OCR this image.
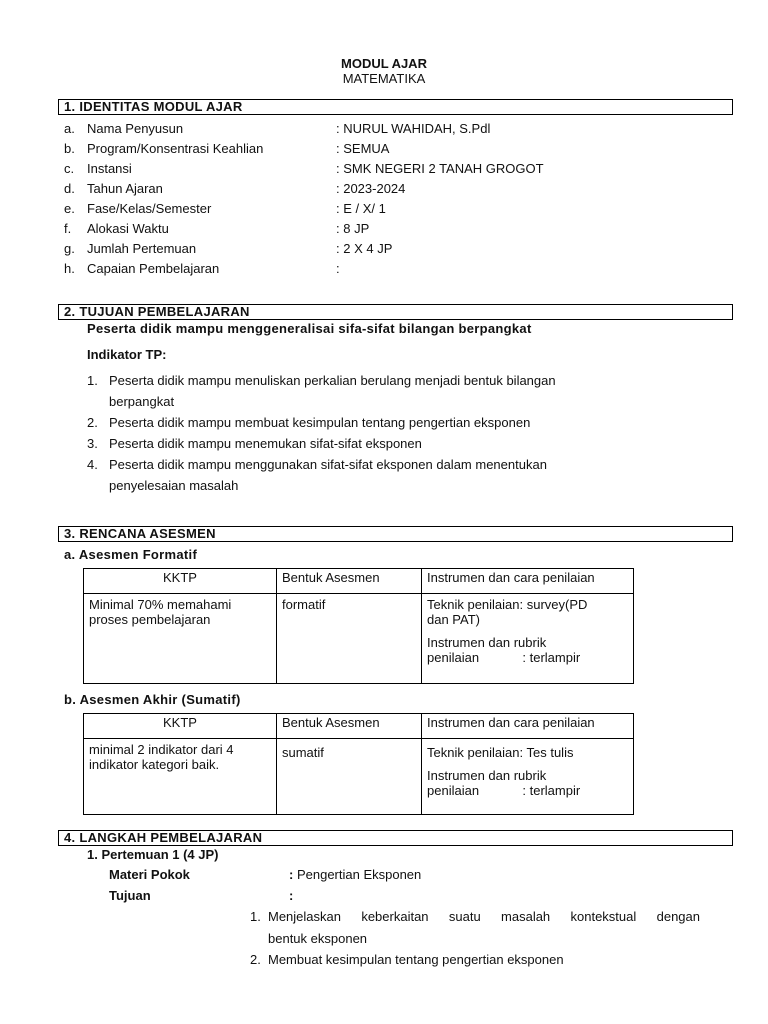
MODUL AJAR
MATEMATIKA
1. IDENTITAS MODUL AJAR
a. Nama Penyusun	: NURUL WAHIDAH, S.Pdl
b. Program/Konsentrasi Keahlian	: SEMUA
c. Instansi	: SMK NEGERI 2 TANAH GROGOT
d. Tahun Ajaran	: 2023-2024
e. Fase/Kelas/Semester	: E / X/ 1
f.	Alokasi Waktu	: 8 JP
g. Jumlah Pertemuan	: 2 X 4 JP
h. Capaian Pembelajaran	:
2. TUJUAN PEMBELAJARAN
Peserta didik mampu menggeneralisai sifa-sifat bilangan berpangkat
Indikator TP:
1. Peserta didik mampu menuliskan perkalian berulang menjadi bentuk bilangan
berpangkat
2. Peserta didik mampu membuat kesimpulan tentang pengertian eksponen
3. Peserta didik mampu menemukan sifat-sifat eksponen
4. Peserta didik mampu menggunakan sifat-sifat eksponen dalam menentukan
penyelesaian masalah
3. RENCANA ASESMEN
a. Asesmen Formatif
KKTP	Bentuk Asesmen	Instrumen dan cara penilaian

Minimal 70% memahami
proses pembelajaran	formatif	Teknik penilaian: survey(PD
dan PAT)
Instrumen dan rubrik
penilaian            : terlampir
b. Asesmen Akhir (Sumatif)
KKTP	Bentuk Asesmen	Instrumen dan cara penilaian

minimal 2 indikator dari 4
indikator kategori baik.	sumatif	Teknik penilaian: Tes tulis
Instrumen dan rubrik
penilaian            : terlampir
4. LANGKAH PEMBELAJARAN
1. Pertemuan 1 (4 JP)
Materi Pokok	: Pengertian Eksponen
Tujuan	:
1. Menjelaskan keberkaitan suatu masalah kontekstual dengan
bentuk eksponen
2. Membuat kesimpulan tentang pengertian eksponen
